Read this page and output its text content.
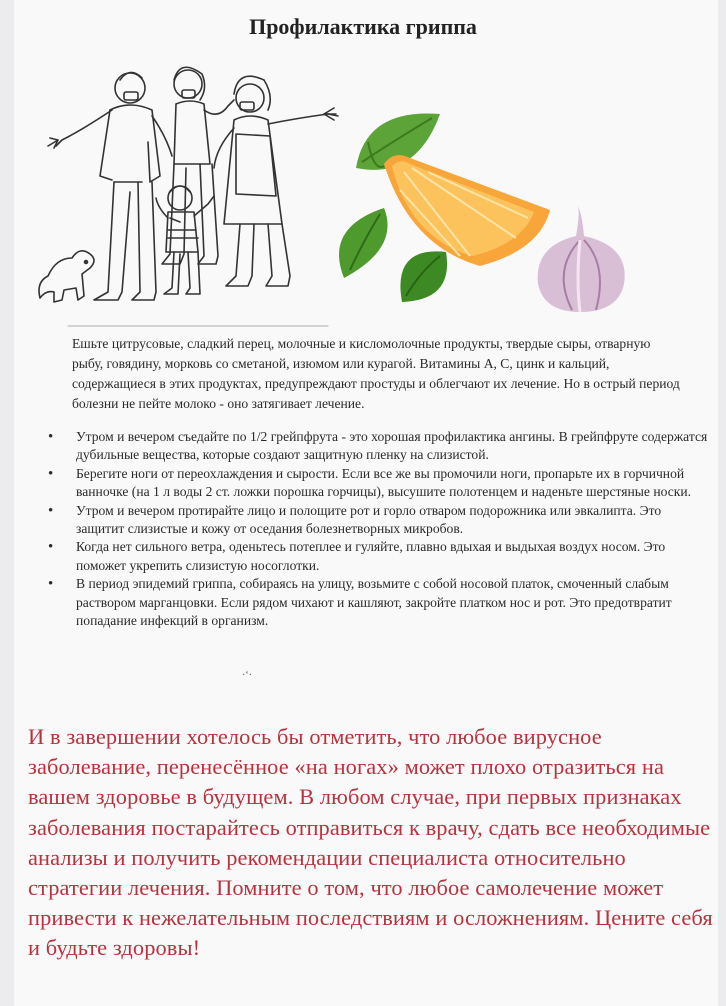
Профилактика гриппа
Ешьте цитрусовые, сладкий перец, молочные и кисломолочные продукты, твердые сыры, отварную рыбу, говядину, морковь со сметаной, изюмом или курагой. Витамины А, С, цинк и кальций, содержащиеся в этих продуктах, предупреждают простуды и облегчают их лечение. Но в острый период болезни не пейте молоко - оно затягивает лечение.
• Утром и вечером съедайте по 1/2 грейпфрута - это хорошая профилактика ангины. В грейпфруте содержатся дубильные вещества, которые создают защитную пленку на слизистой.
• Берегите ноги от переохлаждения и сырости. Если все же вы промочили ноги, пропарьте их в горчичной ванночке (на 1 л воды 2 ст. ложки порошка горчицы), высушите полотенцем и наденьте шерстяные носки.
• Утром и вечером протирайте лицо и полощите рот и горло отваром подорожника или эвкалипта. Это защитит слизистые и кожу от оседания болезнетворных микробов.
• Когда нет сильного ветра, оденьтесь потеплее и гуляйте, плавно вдыхая и выдыхая воздух носом. Это поможет укрепить слизистую носоглотки.
• В период эпидемий гриппа, собираясь на улицу, возьмите с собой носовой платок, смоченный слабым раствором марганцовки. Если рядом чихают и кашляют, закройте платком нос и рот. Это предотвратит попадание инфекций в организм.
·‘·
И в завершении хотелось бы отметить, что любое вирусное заболевание, перенесённое «на ногах» может плохо отразиться на вашем здоровье в будущем. В любом случае, при первых признаках заболевания постарайтесь отправиться к врачу, сдать все необходимые анализы и получить рекомендации специалиста относительно стратегии лечения. Помните о том, что любое самолечение может привести к нежелательным последствиям и осложнениям. Цените себя и будьте здоровы!
